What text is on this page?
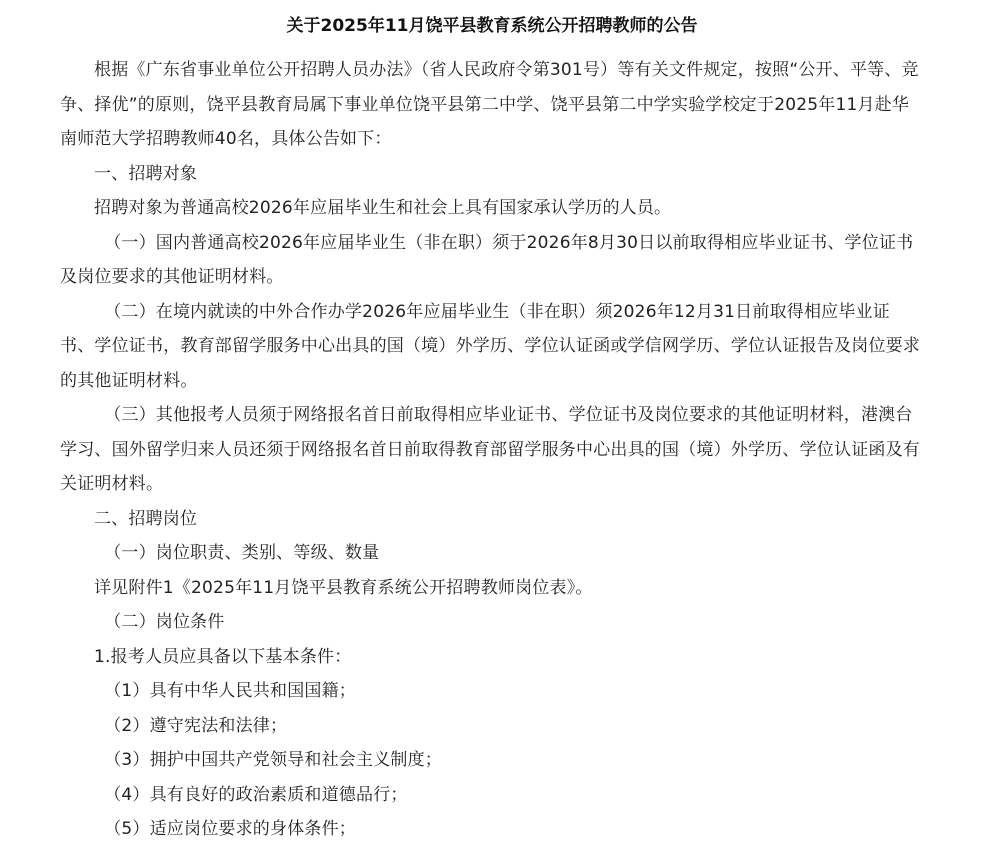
关于2025年11月饶平县教育系统公开招聘教师的公告

根据《广东省事业单位公开招聘人员办法》（省人民政府令第301号）等有关文件规定，按照“公开、平等、竞争、择优”的原则，饶平县教育局属下事业单位饶平县第二中学、饶平县第二中学实验学校定于2025年11月赴华南师范大学招聘教师40名，具体公告如下：

一、招聘对象

招聘对象为普通高校2026年应届毕业生和社会上具有国家承认学历的人员。

（一）国内普通高校2026年应届毕业生（非在职）须于2026年8月30日以前取得相应毕业证书、学位证书及岗位要求的其他证明材料。

（二）在境内就读的中外合作办学2026年应届毕业生（非在职）须2026年12月31日前取得相应毕业证书、学位证书，教育部留学服务中心出具的国（境）外学历、学位认证函或学信网学历、学位认证报告及岗位要求的其他证明材料。

（三）其他报考人员须于网络报名首日前取得相应毕业证书、学位证书及岗位要求的其他证明材料，港澳台学习、国外留学归来人员还须于网络报名首日前取得教育部留学服务中心出具的国（境）外学历、学位认证函及有关证明材料。

二、招聘岗位

（一）岗位职责、类别、等级、数量

详见附件1《2025年11月饶平县教育系统公开招聘教师岗位表》。

（二）岗位条件

1.报考人员应具备以下基本条件：

（1）具有中华人民共和国国籍；

（2）遵守宪法和法律；

（3）拥护中国共产党领导和社会主义制度；

（4）具有良好的政治素质和道德品行；

（5）适应岗位要求的身体条件；
